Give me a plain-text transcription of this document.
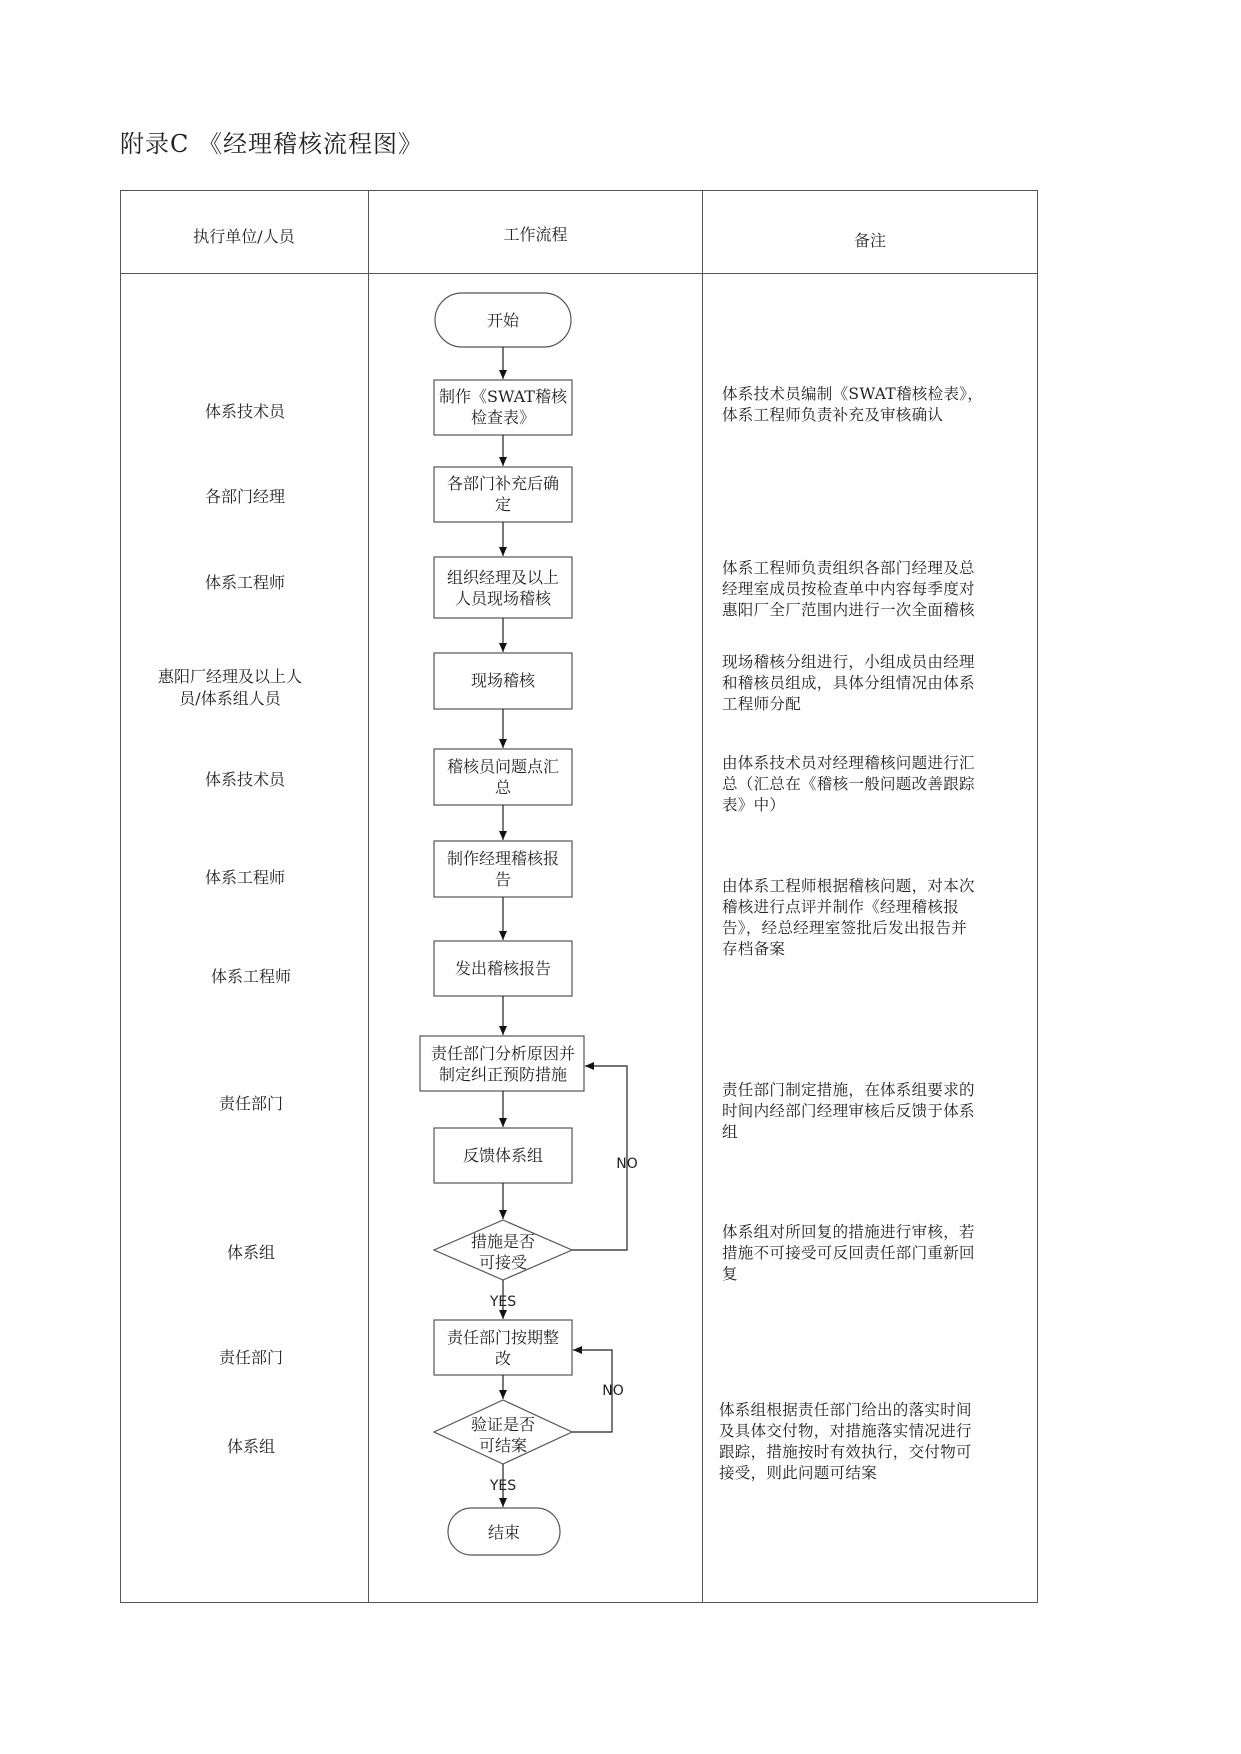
附录C 《经理稽核流程图》
执行单位/人员	工作流程	备注
体系技术员
各部门经理
体系工程师
惠阳厂经理及以上人员/体系组人员
体系技术员
体系工程师
体系工程师
责任部门
体系组
责任部门
体系组
开始
制作《SWAT稽核
检查表》
各部门补充后确
定
组织经理及以上
人员现场稽核
现场稽核
稽核员问题点汇
总
制作经理稽核报
告
发出稽核报告
责任部门分析原因并
制定纠正预防措施
反馈体系组
措施是否
可接受
责任部门按期整
改
验证是否
可结案
结束
YES
YES
NO
NO
体系技术员编制《SWAT稽核检表》，
体系工程师负责补充及审核确认
体系工程师负责组织各部门经理及总
经理室成员按检查单中内容每季度对
惠阳厂全厂范围内进行一次全面稽核
现场稽核分组进行，小组成员由经理
和稽核员组成，具体分组情况由体系
工程师分配
由体系技术员对经理稽核问题进行汇
总（汇总在《稽核一般问题改善跟踪
表》中）
由体系工程师根据稽核问题，对本次
稽核进行点评并制作《经理稽核报
告》，经总经理室签批后发出报告并
存档备案
责任部门制定措施，在体系组要求的
时间内经部门经理审核后反馈于体系
组
体系组对所回复的措施进行审核，若
措施不可接受可反回责任部门重新回
复
体系组根据责任部门给出的落实时间
及具体交付物，对措施落实情况进行
跟踪，措施按时有效执行，交付物可
接受，则此问题可结案
